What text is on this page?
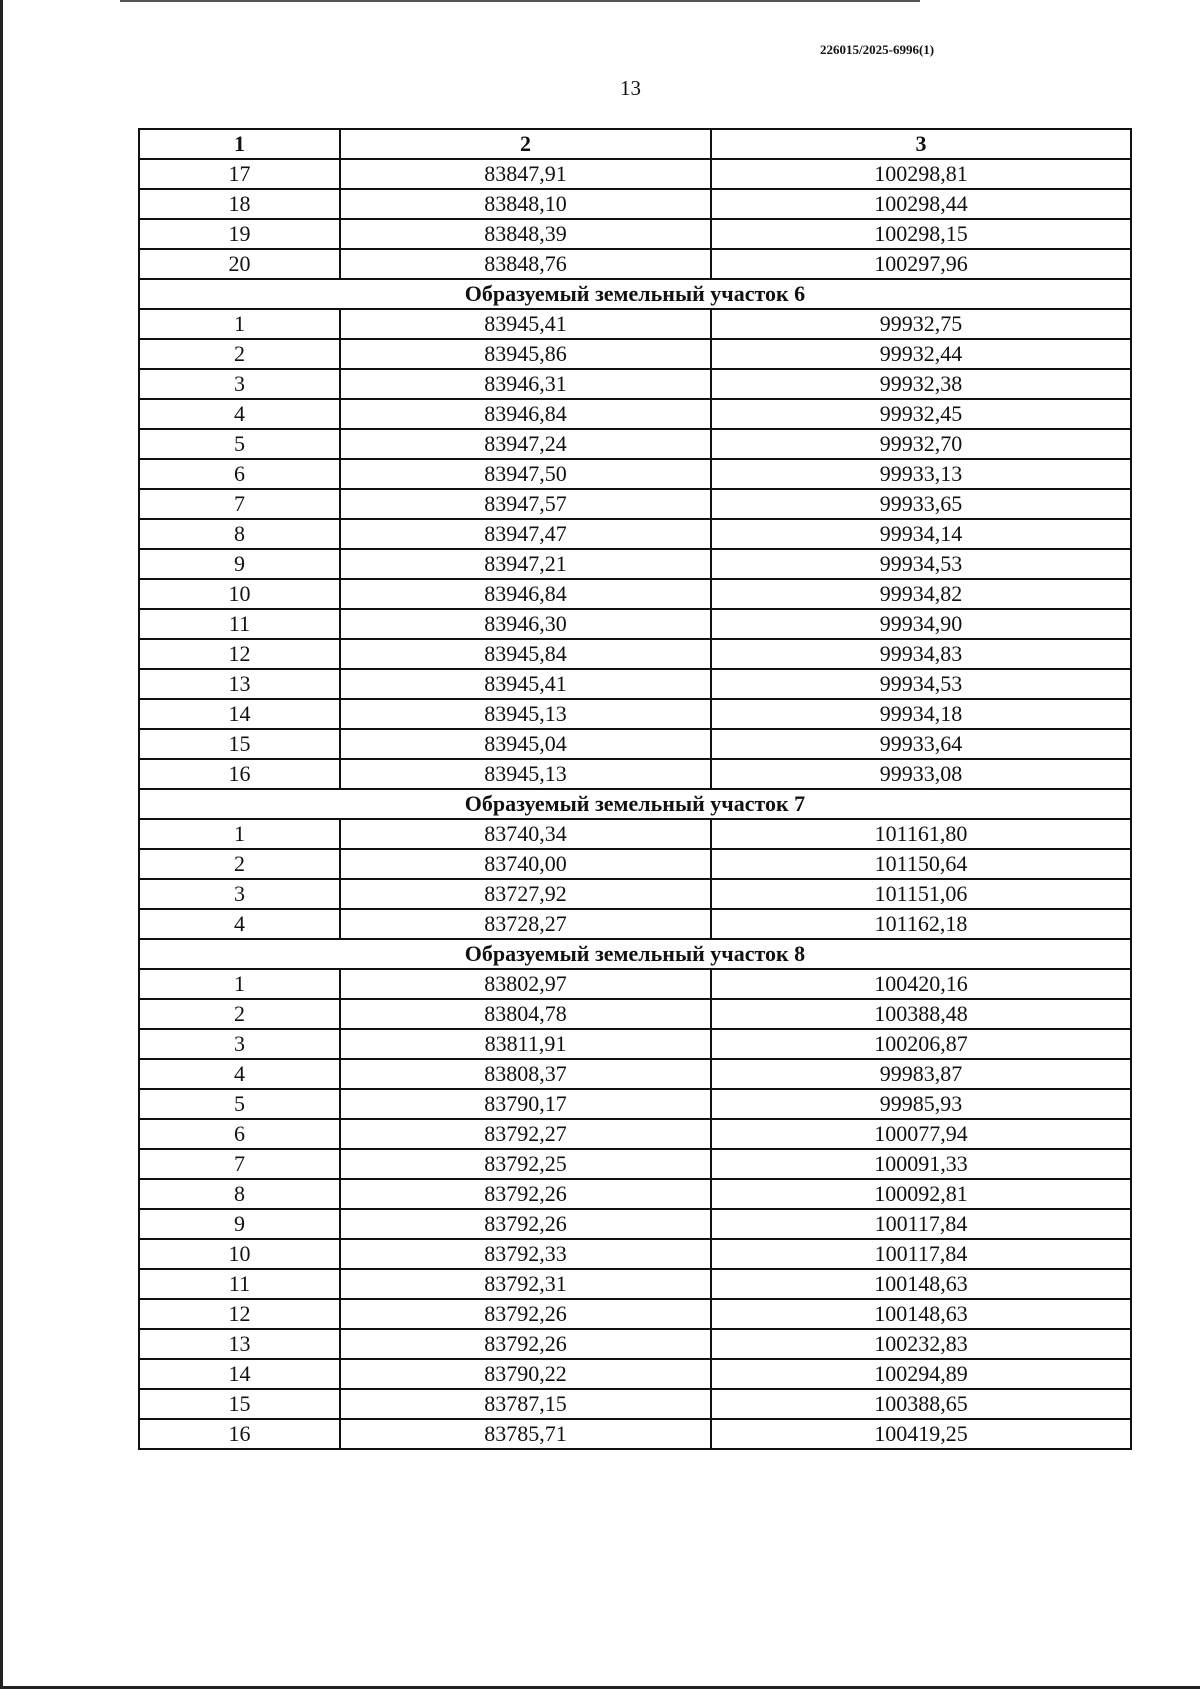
226015/2025-6996(1)
13
1	2	3
17	83847,91	100298,81
18	83848,10	100298,44
19	83848,39	100298,15
20	83848,76	100297,96
Образуемый земельный участок 6		
1	83945,41	99932,75
2	83945,86	99932,44
3	83946,31	99932,38
4	83946,84	99932,45
5	83947,24	99932,70
6	83947,50	99933,13
7	83947,57	99933,65
8	83947,47	99934,14
9	83947,21	99934,53
10	83946,84	99934,82
11	83946,30	99934,90
12	83945,84	99934,83
13	83945,41	99934,53
14	83945,13	99934,18
15	83945,04	99933,64
16	83945,13	99933,08
Образуемый земельный участок 7		
1	83740,34	101161,80
2	83740,00	101150,64
3	83727,92	101151,06
4	83728,27	101162,18
Образуемый земельный участок 8		
1	83802,97	100420,16
2	83804,78	100388,48
3	83811,91	100206,87
4	83808,37	99983,87
5	83790,17	99985,93
6	83792,27	100077,94
7	83792,25	100091,33
8	83792,26	100092,81
9	83792,26	100117,84
10	83792,33	100117,84
11	83792,31	100148,63
12	83792,26	100148,63
13	83792,26	100232,83
14	83790,22	100294,89
15	83787,15	100388,65
16	83785,71	100419,25
